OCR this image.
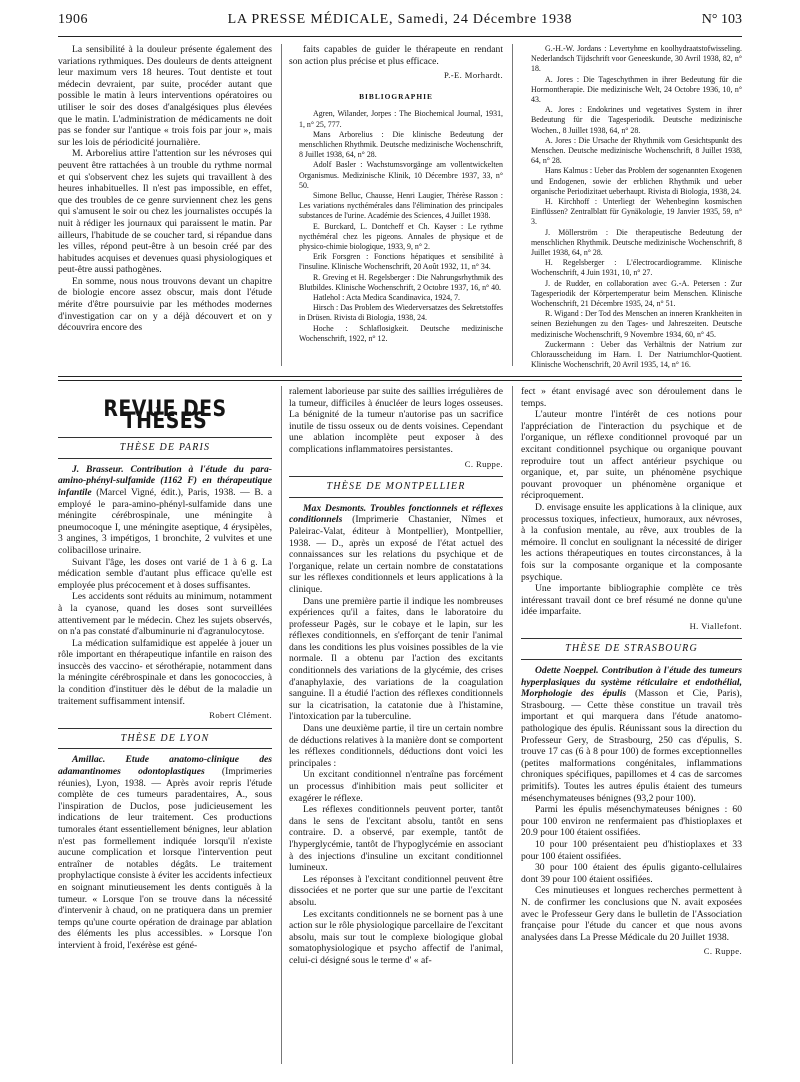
1906	LA PRESSE MÉDICALE, Samedi, 24 Décembre 1938	N° 103

La sensibilité à la douleur présente également des variations rythmiques. Des douleurs de dents atteignent leur maximum vers 18 heures. Tout dentiste et tout médecin devraient, par suite, procéder autant que possible le matin à leurs interventions opératoires ou utiliser le soir des doses d'analgésiques plus élevées que le matin. L'administration de médicaments ne doit pas se fonder sur l'antique « trois fois par jour », mais sur les lois de périodicité journalière.

M. Arborelius attire l'attention sur les névroses qui peuvent être rattachées à un trouble du rythme normal et qui s'observent chez les sujets qui travaillent à des heures inhabituelles. Il n'est pas impossible, en effet, que des troubles de ce genre surviennent chez les gens qui s'amusent le soir ou chez les journalistes occupés la nuit à rédiger les journaux qui paraissent le matin. Par ailleurs, l'habitude de se coucher tard, si répandue dans les villes, répond peut-être à un besoin créé par des habitudes acquises et devenues quasi physiologiques et peut-être aussi pathogènes.

En somme, nous nous trouvons devant un chapitre de biologie encore assez obscur, mais dont l'étude mérite d'être poursuivie par les méthodes modernes d'investigation car on y a déjà découvert et on y découvrira encore des

faits capables de guider le thérapeute en rendant son action plus précise et plus efficace.

P.-E. Morhardt.
BIBLIOGRAPHIE

Agren, Wilander, Jorpes : The Biochemical Journal, 1931, 1, n° 25, 777.

Mans Arborelius : Die klinische Bedeutung der menschlichen Rhythmik. Deutsche medizinische Wochenschrift, 8 Juillet 1938, 64, n° 28.

Adolf Basler : Wachstumsvorgänge am vollentwickelten Organismus. Medizinische Klinik, 10 Décembre 1937, 33, n° 50.

Simone Belluc, Chausse, Henri Laugier, Thérèse Rasson : Les variations nycthémérales dans l'élimination des principales substances de l'urine. Académie des Sciences, 4 Juillet 1938.

E. Burckard, L. Dontcheff et Ch. Kayser : Le rythme nycthéméral chez les pigeons. Annales de physique et de physico-chimie biologique, 1933, 9, n° 2.

Erik Forsgren : Fonctions hépatiques et sensibilité à l'insuline. Klinische Wochenschrift, 20 Août 1932, 11, n° 34.

R. Greving et H. Regelsberger : Die Nahrungsrhythmik des Blutbildes. Klinische Wochenschrift, 2 Octobre 1937, 16, n° 40.

Hatlehol : Acta Medica Scandinavica, 1924, 7.

Hirsch : Das Problem des Wiederversatzes des Sekretstoffes in Drüsen. Rivista di Biologia, 1938, 24.

Hoche : Schlaflosigkeit. Deutsche medizinische Wochenschrift, 1922, n° 12.

G.-H.-W. Jordans : Levertyhme en koolhydraatstofwisseling. Nederlandsch Tijdschrift voor Geneeskunde, 30 Avril 1938, 82, n° 18.

A. Jores : Die Tageschythmen in ihrer Bedeutung für die Hormontherapie. Die medizinische Welt, 24 Octobre 1936, 10, n° 43.

A. Jores : Endokrines und vegetatives System in ihrer Bedeutung für die Tagesperiodik. Deutsche medizinische Wochen., 8 Juillet 1938, 64, n° 28.

A. Jores : Die Ursache der Rhythmik vom Gesichtspunkt des Menschen. Deutsche medizinische Wochenschrift, 8 Juillet 1938, 64, n° 28.

Hans Kalmus : Ueber das Problem der sogenannten Exogenen und Endogenen, sowie der erblichen Rhythmik und ueber organische Periodizitaet ueberhaupt. Rivista di Biologia, 1938, 24.

H. Kirchhoff : Unterliegt der Wehenbeginn kosmischen Einflüssen? Zentralblatt für Gynäkologie, 19 Janvier 1935, 59, n° 3.

J. Möllerström : Die therapeutische Bedeutung der menschlichen Rhythmik. Deutsche medizinische Wochenschrift, 8 Juillet 1938, 64, n° 28.

H. Regelsberger : L'électrocardiogramme. Klinische Wochenschrift, 4 Juin 1931, 10, n° 27.

J. de Rudder, en collaboration avec G.-A. Petersen : Zur Tagesperiodik der Körpertemperatur beim Menschen. Klinische Wochenschrift, 21 Décembre 1935, 24, n° 51.

R. Wigand : Der Tod des Menschen an inneren Krankheiten in seinen Beziehungen zu den Tages- und Jahreszeiten. Deutsche medizinische Wochenschrift, 9 Novembre 1934, 60, n° 45.

Zuckermann : Ueber das Verhältnis der Natrium zur Chlorausscheidung im Harn. I. Der Natriumchlor-Quotient. Klinische Wochenschrift, 20 Avril 1935, 14, n° 16.

REVUE DES THÈSES
THÈSE DE PARIS

J. Brasseur. Contribution à l'étude du para-amino-phényl-sulfamide (1162 F) en thérapeutique infantile (Marcel Vigné, édit.), Paris, 1938. — B. a employé le para-amino-phényl-sulfamide dans une méningite cérébrospinale, une méningite à pneumocoque I, une méningite aseptique, 4 érysipèles, 3 angines, 3 impétigos, 1 bronchite, 2 vulvites et une colibacillose urinaire.

Suivant l'âge, les doses ont varié de 1 à 6 g. La médication semble d'autant plus efficace qu'elle est employée plus précocement et à doses suffisantes.

Les accidents sont réduits au minimum, notamment à la cyanose, quand les doses sont surveillées attentivement par le médecin. Chez les sujets observés, on n'a pas constaté d'albuminurie ni d'agranulocytose.

La médication sulfamidique est appelée à jouer un rôle important en thérapeutique infantile en raison des insuccès des vaccino- et sérothérapie, notamment dans la méningite cérébrospinale et dans les gonococcies, à la condition d'instituer dès le début de la maladie un traitement suffisamment intensif.

Robert Clément.
THÈSE DE LYON

Amillac. Etude anatomo-clinique des adamantinomes odontoplastiques (Imprimeries réunies), Lyon, 1938. — Après avoir repris l'étude complète de ces tumeurs paradentaires, A., sous l'inspiration de Duclos, pose judicieusement les indications de leur traitement. Ces productions tumorales étant essentiellement bénignes, leur ablation n'est pas formellement indiquée lorsqu'il n'existe aucune complication et lorsque l'intervention peut entraîner de notables dégâts. Le traitement prophylactique consiste à éviter les accidents infectieux en soignant minutieusement les dents contiguës à la tumeur. « Lorsque l'on se trouve dans la nécessité d'intervenir à chaud, on ne pratiquera dans un premier temps qu'une courte opération de drainage par ablation des éléments les plus accessibles. » Lorsque l'on intervient à froid, l'exérèse est géné-

ralement laborieuse par suite des saillies irrégulières de la tumeur, difficiles à énucléer de leurs loges osseuses. La bénignité de la tumeur n'autorise pas un sacrifice inutile de tissu osseux ou de dents voisines. Cependant une ablation incomplète peut exposer à des complications inflammatoires persistantes.

C. Ruppe.
THÈSE DE MONTPELLIER

Max Desmonts. Troubles fonctionnels et réflexes conditionnels (Imprimerie Chastanier, Nîmes et Paleirac-Valat, éditeur à Montpellier), Montpellier, 1938. — D., après un exposé de l'état actuel des connaissances sur les relations du psychique et de l'organique, relate un certain nombre de constatations sur les réflexes conditionnels et leurs applications à la clinique.

Dans une première partie il indique les nombreuses expériences qu'il a faites, dans le laboratoire du professeur Pagès, sur le cobaye et le lapin, sur les réflexes conditionnels, en s'efforçant de tenir l'animal dans les conditions les plus voisines possibles de la vie normale. Il a obtenu par l'action des excitants conditionnels des variations de la glycémie, des crises d'anaphylaxie, des variations de la coagulation sanguine. Il a étudié l'action des réflexes conditionnels sur la cicatrisation, la catatonie due à l'histamine, l'intoxication par la tuberculine.

Dans une deuxième partie, il tire un certain nombre de déductions relatives à la manière dont se comportent les réflexes conditionnels, déductions dont voici les principales :

Un excitant conditionnel n'entraîne pas forcément un processus d'inhibition mais peut solliciter et exagérer le réflexe.

Les réflexes conditionnels peuvent porter, tantôt dans le sens de l'excitant absolu, tantôt en sens contraire. D. a observé, par exemple, tantôt de l'hyperglycémie, tantôt de l'hypoglycémie en associant à des injections d'insuline un excitant conditionnel lumineux.

Les réponses à l'excitant conditionnel peuvent être dissociées et ne porter que sur une partie de l'excitant absolu.

Les excitants conditionnels ne se bornent pas à une action sur le rôle physiologique parcellaire de l'excitant absolu, mais sur tout le complexe biologique global somatophysiologique et psycho affectif de l'animal, celui-ci désigné sous le terme d' « af-

fect » étant envisagé avec son déroulement dans le temps.

L'auteur montre l'intérêt de ces notions pour l'appréciation de l'interaction du psychique et de l'organique, un réflexe conditionnel provoqué par un excitant conditionnel psychique ou organique pouvant reproduire tout un affect antérieur psychique ou organique, et, par suite, un phénomène psychique pouvant provoquer un phénomène organique et réciproquement.

D. envisage ensuite les applications à la clinique, aux processus toxiques, infectieux, humoraux, aux névroses, à la confusion mentale, au rêve, aux troubles de la mémoire. Il conclut en soulignant la nécessité de diriger les actions thérapeutiques en toutes circonstances, à la fois sur la composante organique et la composante psychique.

Une importante bibliographie complète ce très intéressant travail dont ce bref résumé ne donne qu'une idée imparfaite.

H. Viallefont.
THÈSE DE STRASBOURG

Odette Noeppel. Contribution à l'étude des tumeurs hyperplasiques du système réticulaire et endothélial, Morphologie des épulis (Masson et Cie, Paris), Strasbourg. — Cette thèse constitue un travail très important et qui marquera dans l'étude anatomo-pathologique des épulis. Réunissant sous la direction du Professeur Gery, de Strasbourg, 250 cas d'épulis, S. trouve 17 cas (6 à 8 pour 100) de formes exceptionnelles (petites malformations congénitales, inflammations chroniques spécifiques, papillomes et 4 cas de sarcomes primitifs). Toutes les autres épulis étaient des tumeurs mésenchymateuses bénignes (93,2 pour 100).

Parmi les épulis mésenchymateuses bénignes : 60 pour 100 environ ne renfermaient pas d'histioplaxes et 20.9 pour 100 étaient ossifiées.

10 pour 100 présentaient peu d'histioplaxes et 33 pour 100 étaient ossifiées.

30 pour 100 étaient des épulis giganto-cellulaires dont 39 pour 100 étaient ossifiées.

Ces minutieuses et longues recherches permettent à N. de confirmer les conclusions que N. avait exposées avec le Professeur Gery dans le bulletin de l'Association française pour l'étude du cancer et que nous avons analysées dans La Presse Médicale du 20 Juillet 1938.

C. Ruppe.
